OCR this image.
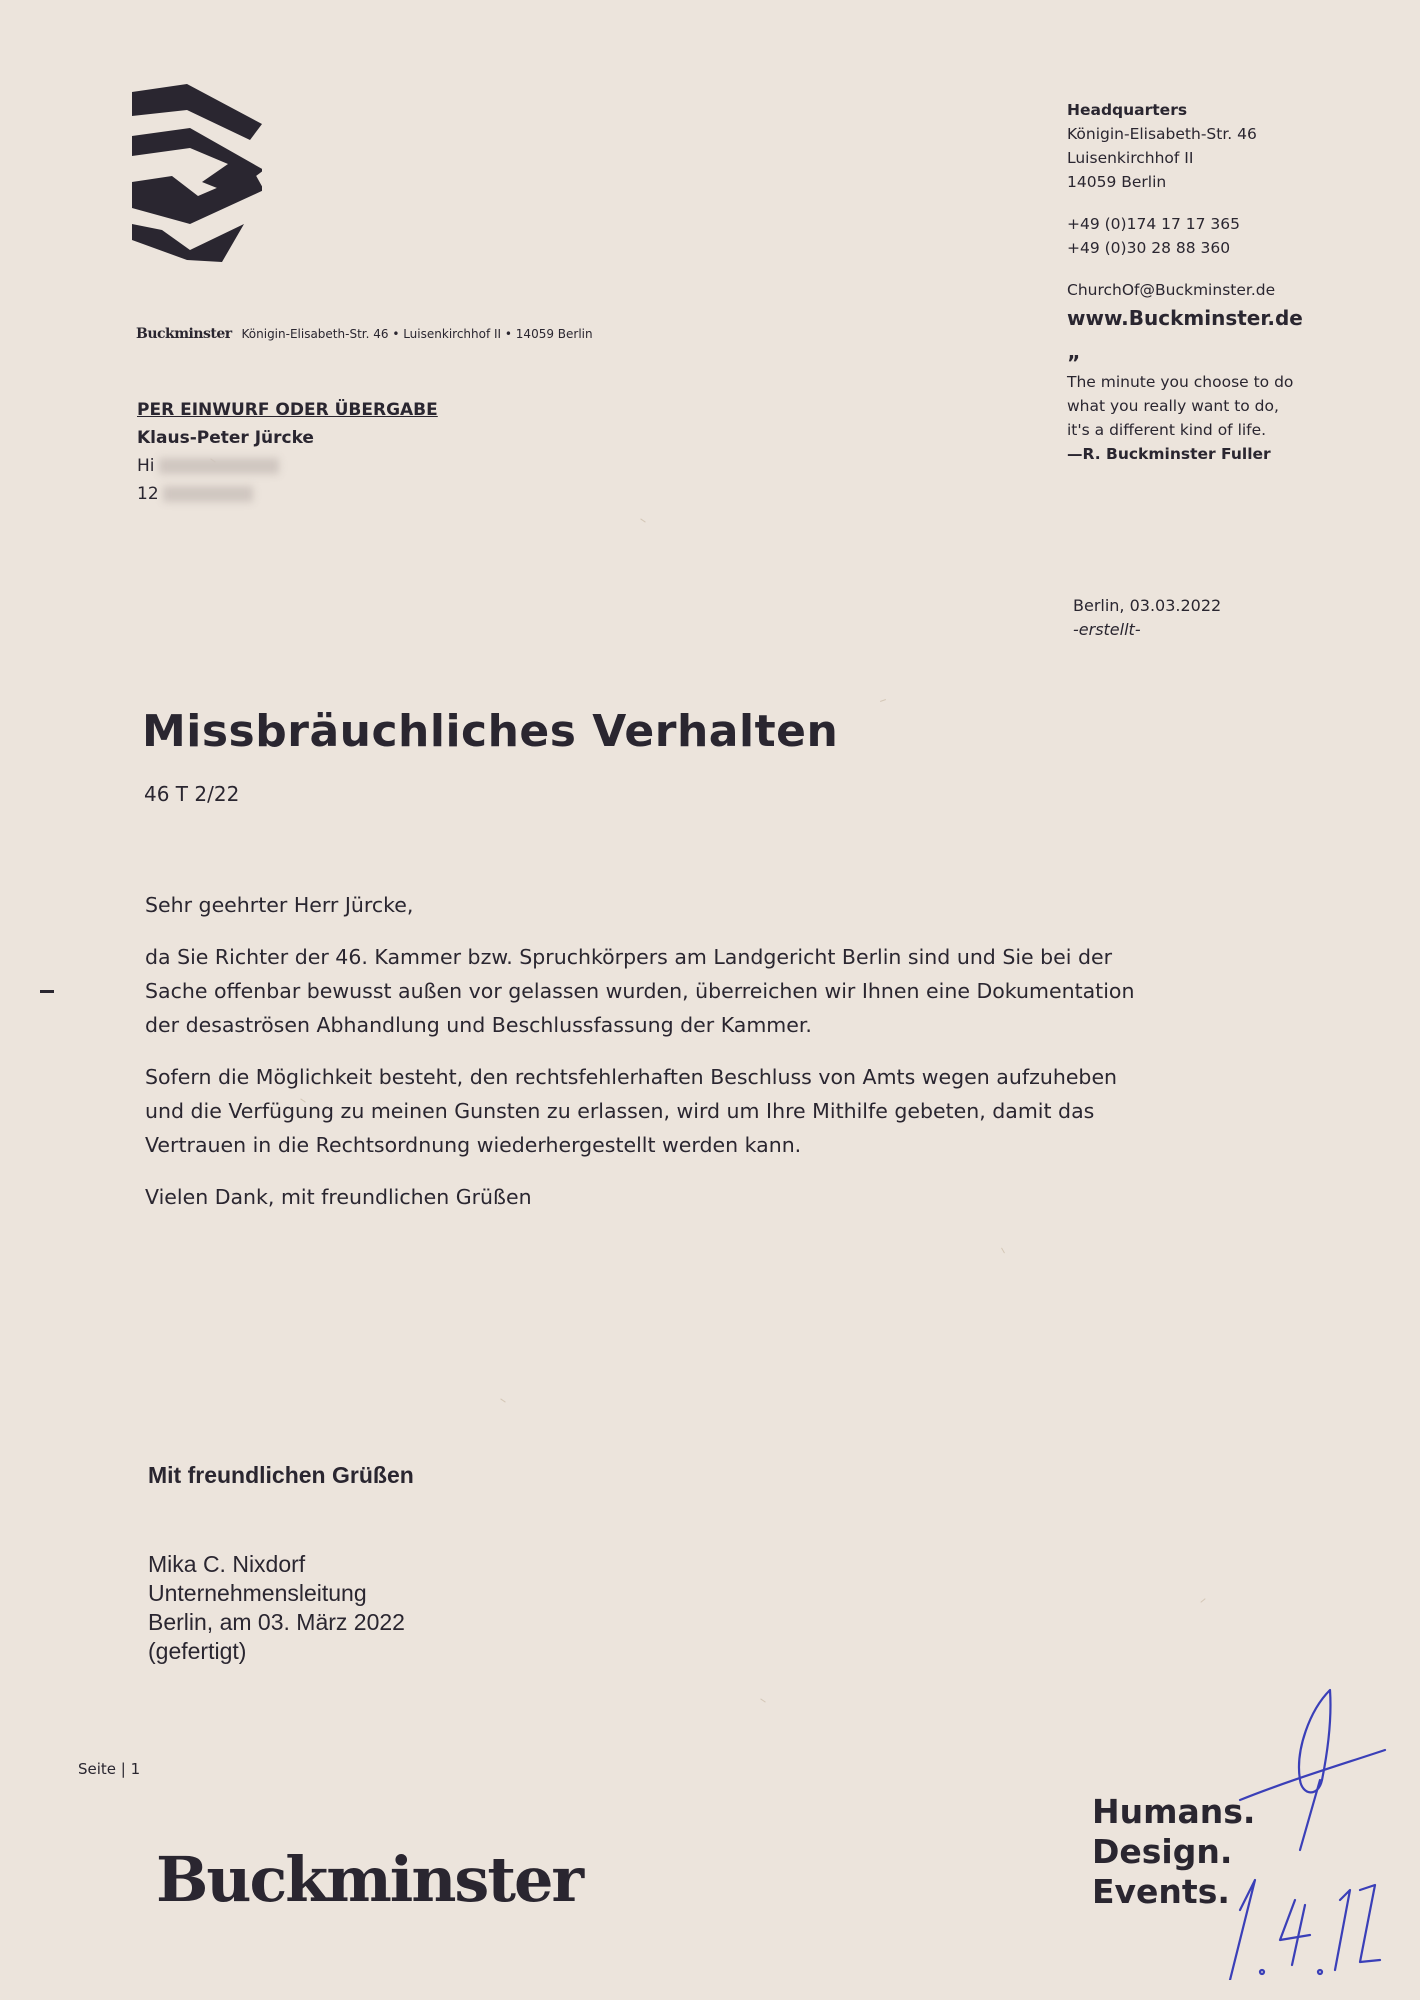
Buckminster Königin-Elisabeth-Str. 46 • Luisenkirchhof II • 14059 Berlin
PER EINWURF ODER ÜBERGABE
Klaus-Peter Jürcke
Hi
12
Headquarters
Königin-Elisabeth-Str. 46
Luisenkirchhof II
14059 Berlin
+49 (0)174 17 17 365
+49 (0)30 28 88 360
ChurchOf@Buckminster.de
www.Buckminster.de
”
The minute you choose to do
what you really want to do,
it's a different kind of life.
—R. Buckminster Fuller
Berlin, 03.03.2022
-erstellt-
Missbräuchliches Verhalten
46 T 2/22

Sehr geehrter Herr Jürcke,

da Sie Richter der 46. Kammer bzw. Spruchkörpers am Landgericht Berlin sind und Sie bei der Sache offenbar bewusst außen vor gelassen wurden, überreichen wir Ihnen eine Dokumentation der desaströsen Abhandlung und Beschlussfassung der Kammer.

Sofern die Möglichkeit besteht, den rechtsfehlerhaften Beschluss von Amts wegen aufzuheben und die Verfügung zu meinen Gunsten zu erlassen, wird um Ihre Mithilfe gebeten, damit das Vertrauen in die Rechtsordnung wiederhergestellt werden kann.

Vielen Dank, mit freundlichen Grüßen

Mit freundlichen Grüßen
Mika C. Nixdorf
Unternehmensleitung
Berlin, am 03. März 2022
(gefertigt)
Seite | 1
Buckminster
Humans.
Design.
Events.
